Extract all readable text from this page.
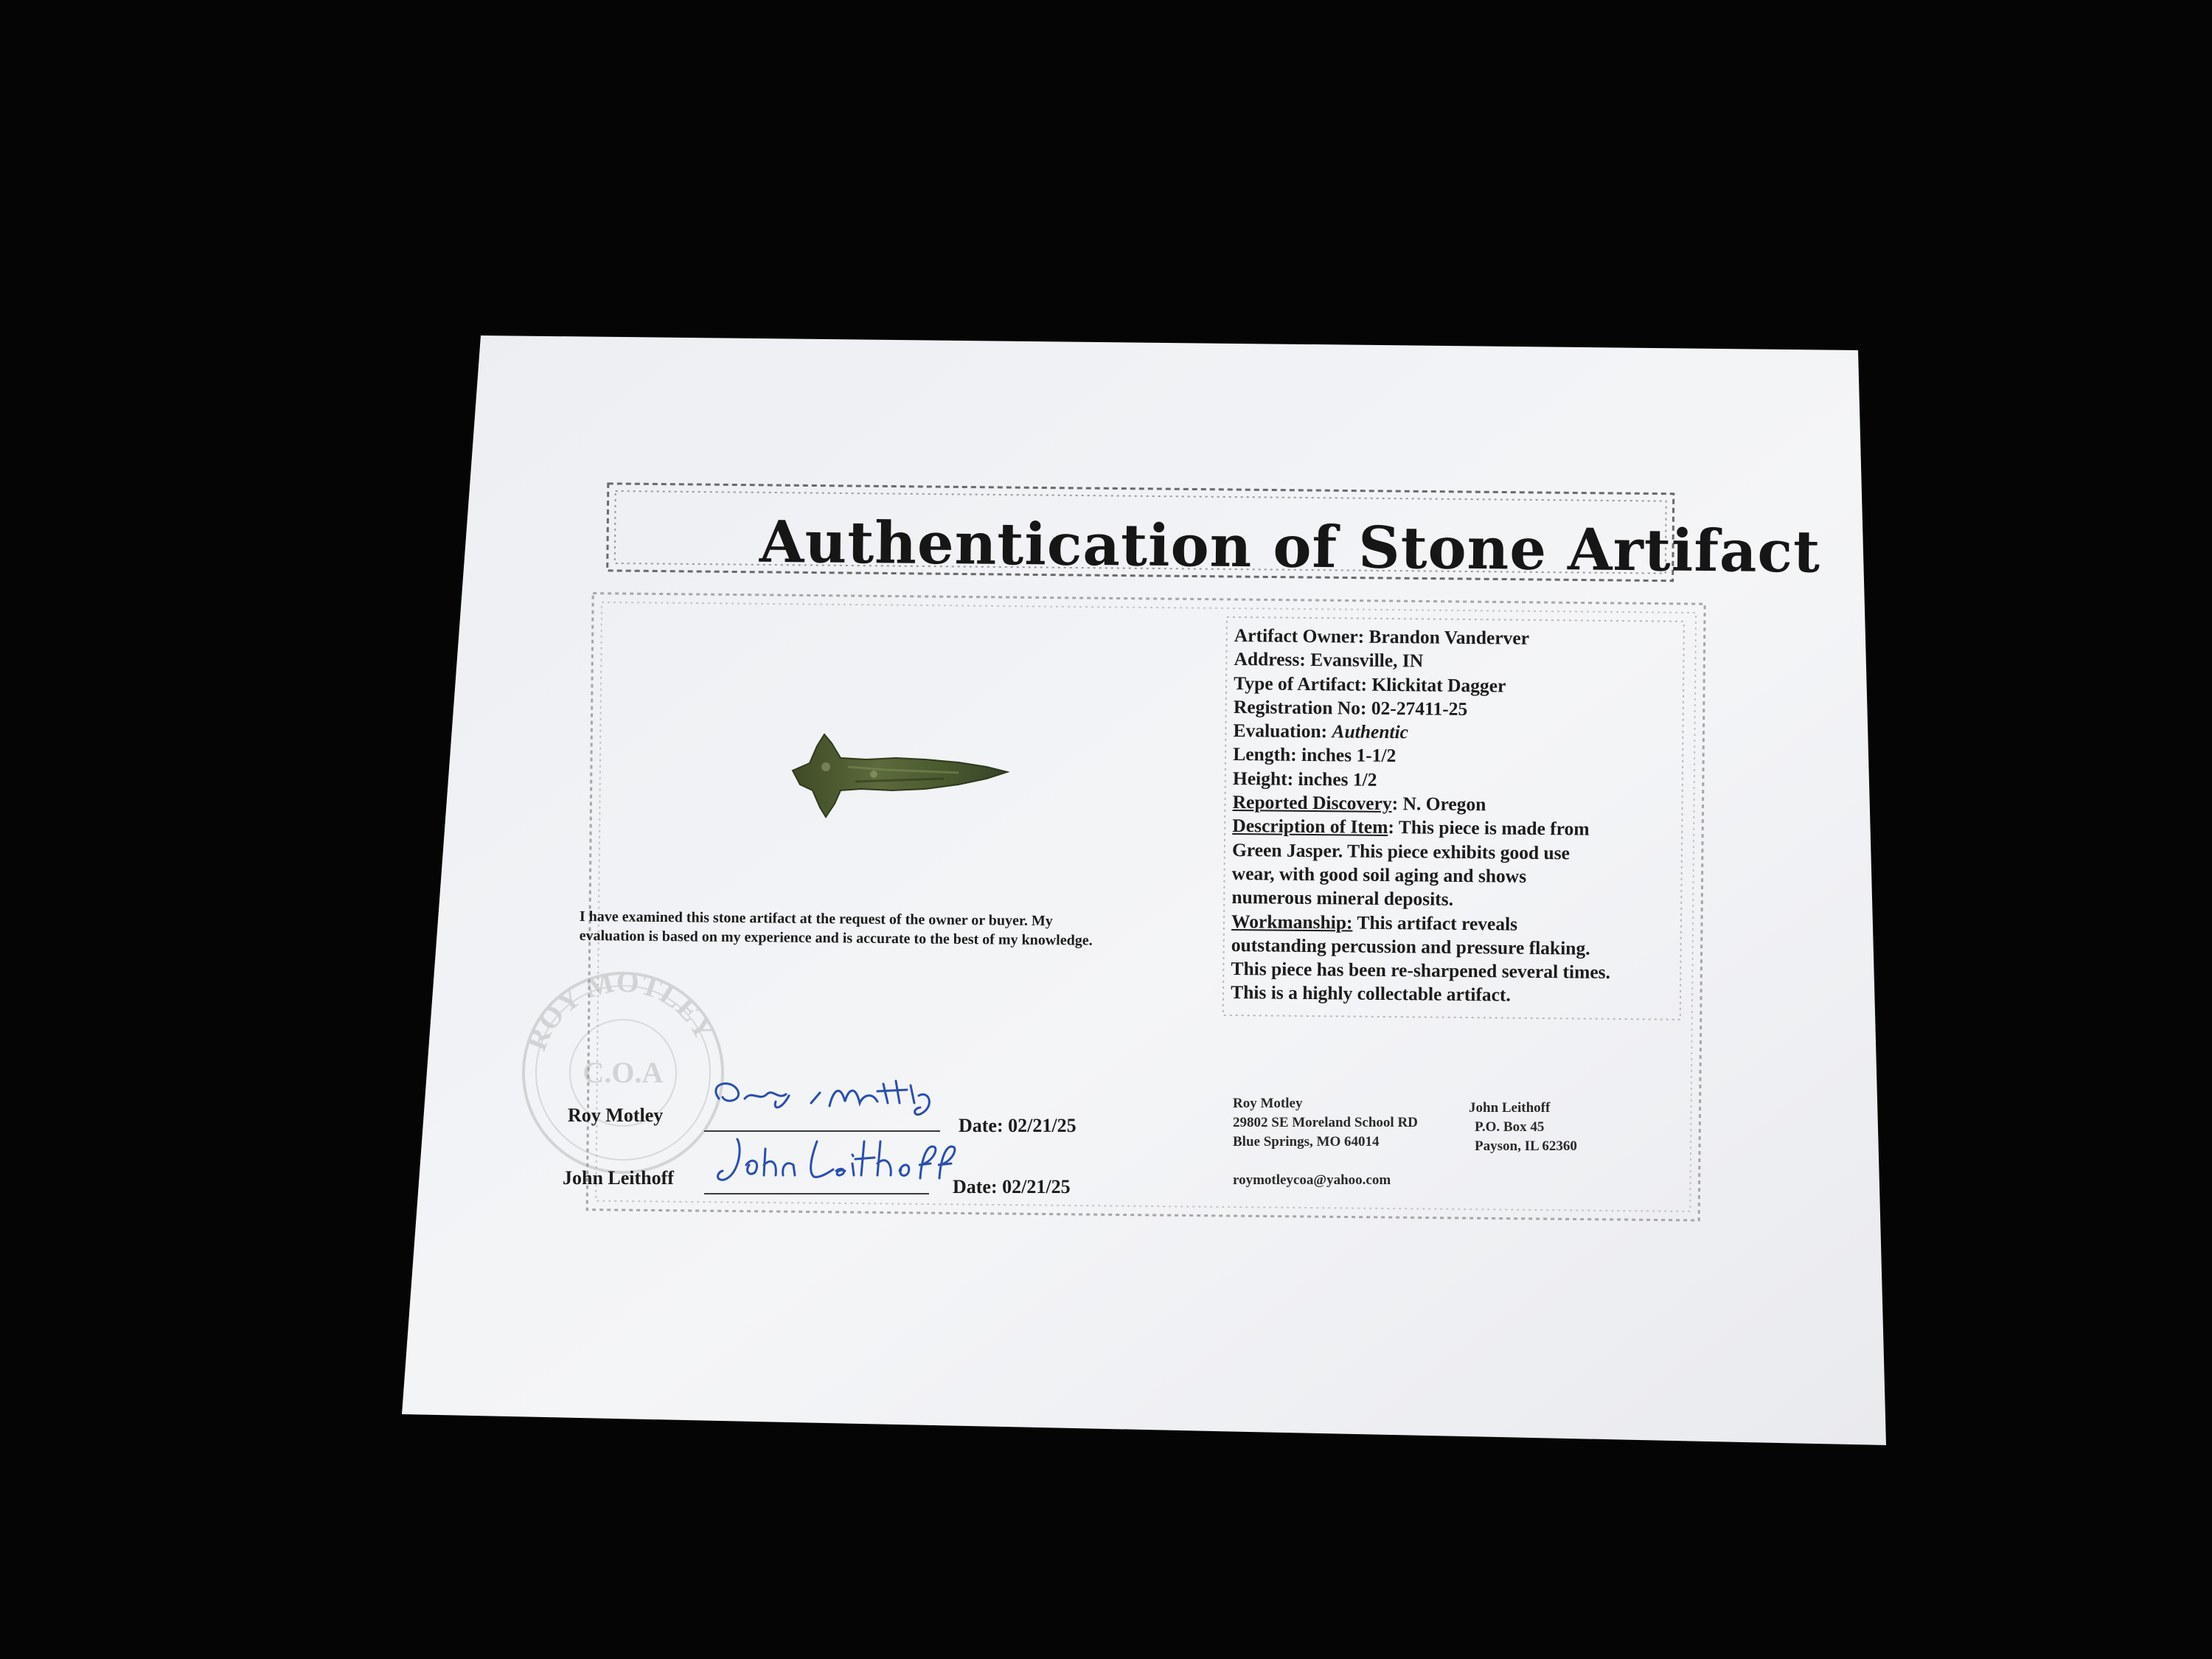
ROY MOTLEY
C.O.A
Authentication of Stone Artifact
Artifact Owner: Brandon Vanderver
Address: Evansville, IN
Type of Artifact: Klickitat Dagger
Registration No: 02-27411-25
Evaluation: Authentic
Length: inches 1-1/2
Height: inches 1/2
Reported Discovery: N. Oregon
Description of Item: This piece is made from
Green Jasper. This piece exhibits good use
wear, with good soil aging and shows
numerous mineral deposits.
Workmanship: This artifact reveals
outstanding percussion and pressure flaking.
This piece has been re-sharpened several times.
This is a highly collectable artifact.
I have examined this stone artifact at the request of the owner or buyer. My
evaluation is based on my experience and is accurate to the best of my knowledge.
Roy Motley	Date: 02/21/25
John Leithoff	Date: 02/21/25
Roy Motley
29802 SE Moreland School RD
Blue Springs, MO 64014
roymotleycoa@yahoo.com
John Leithoff
P.O. Box 45
Payson, IL 62360
